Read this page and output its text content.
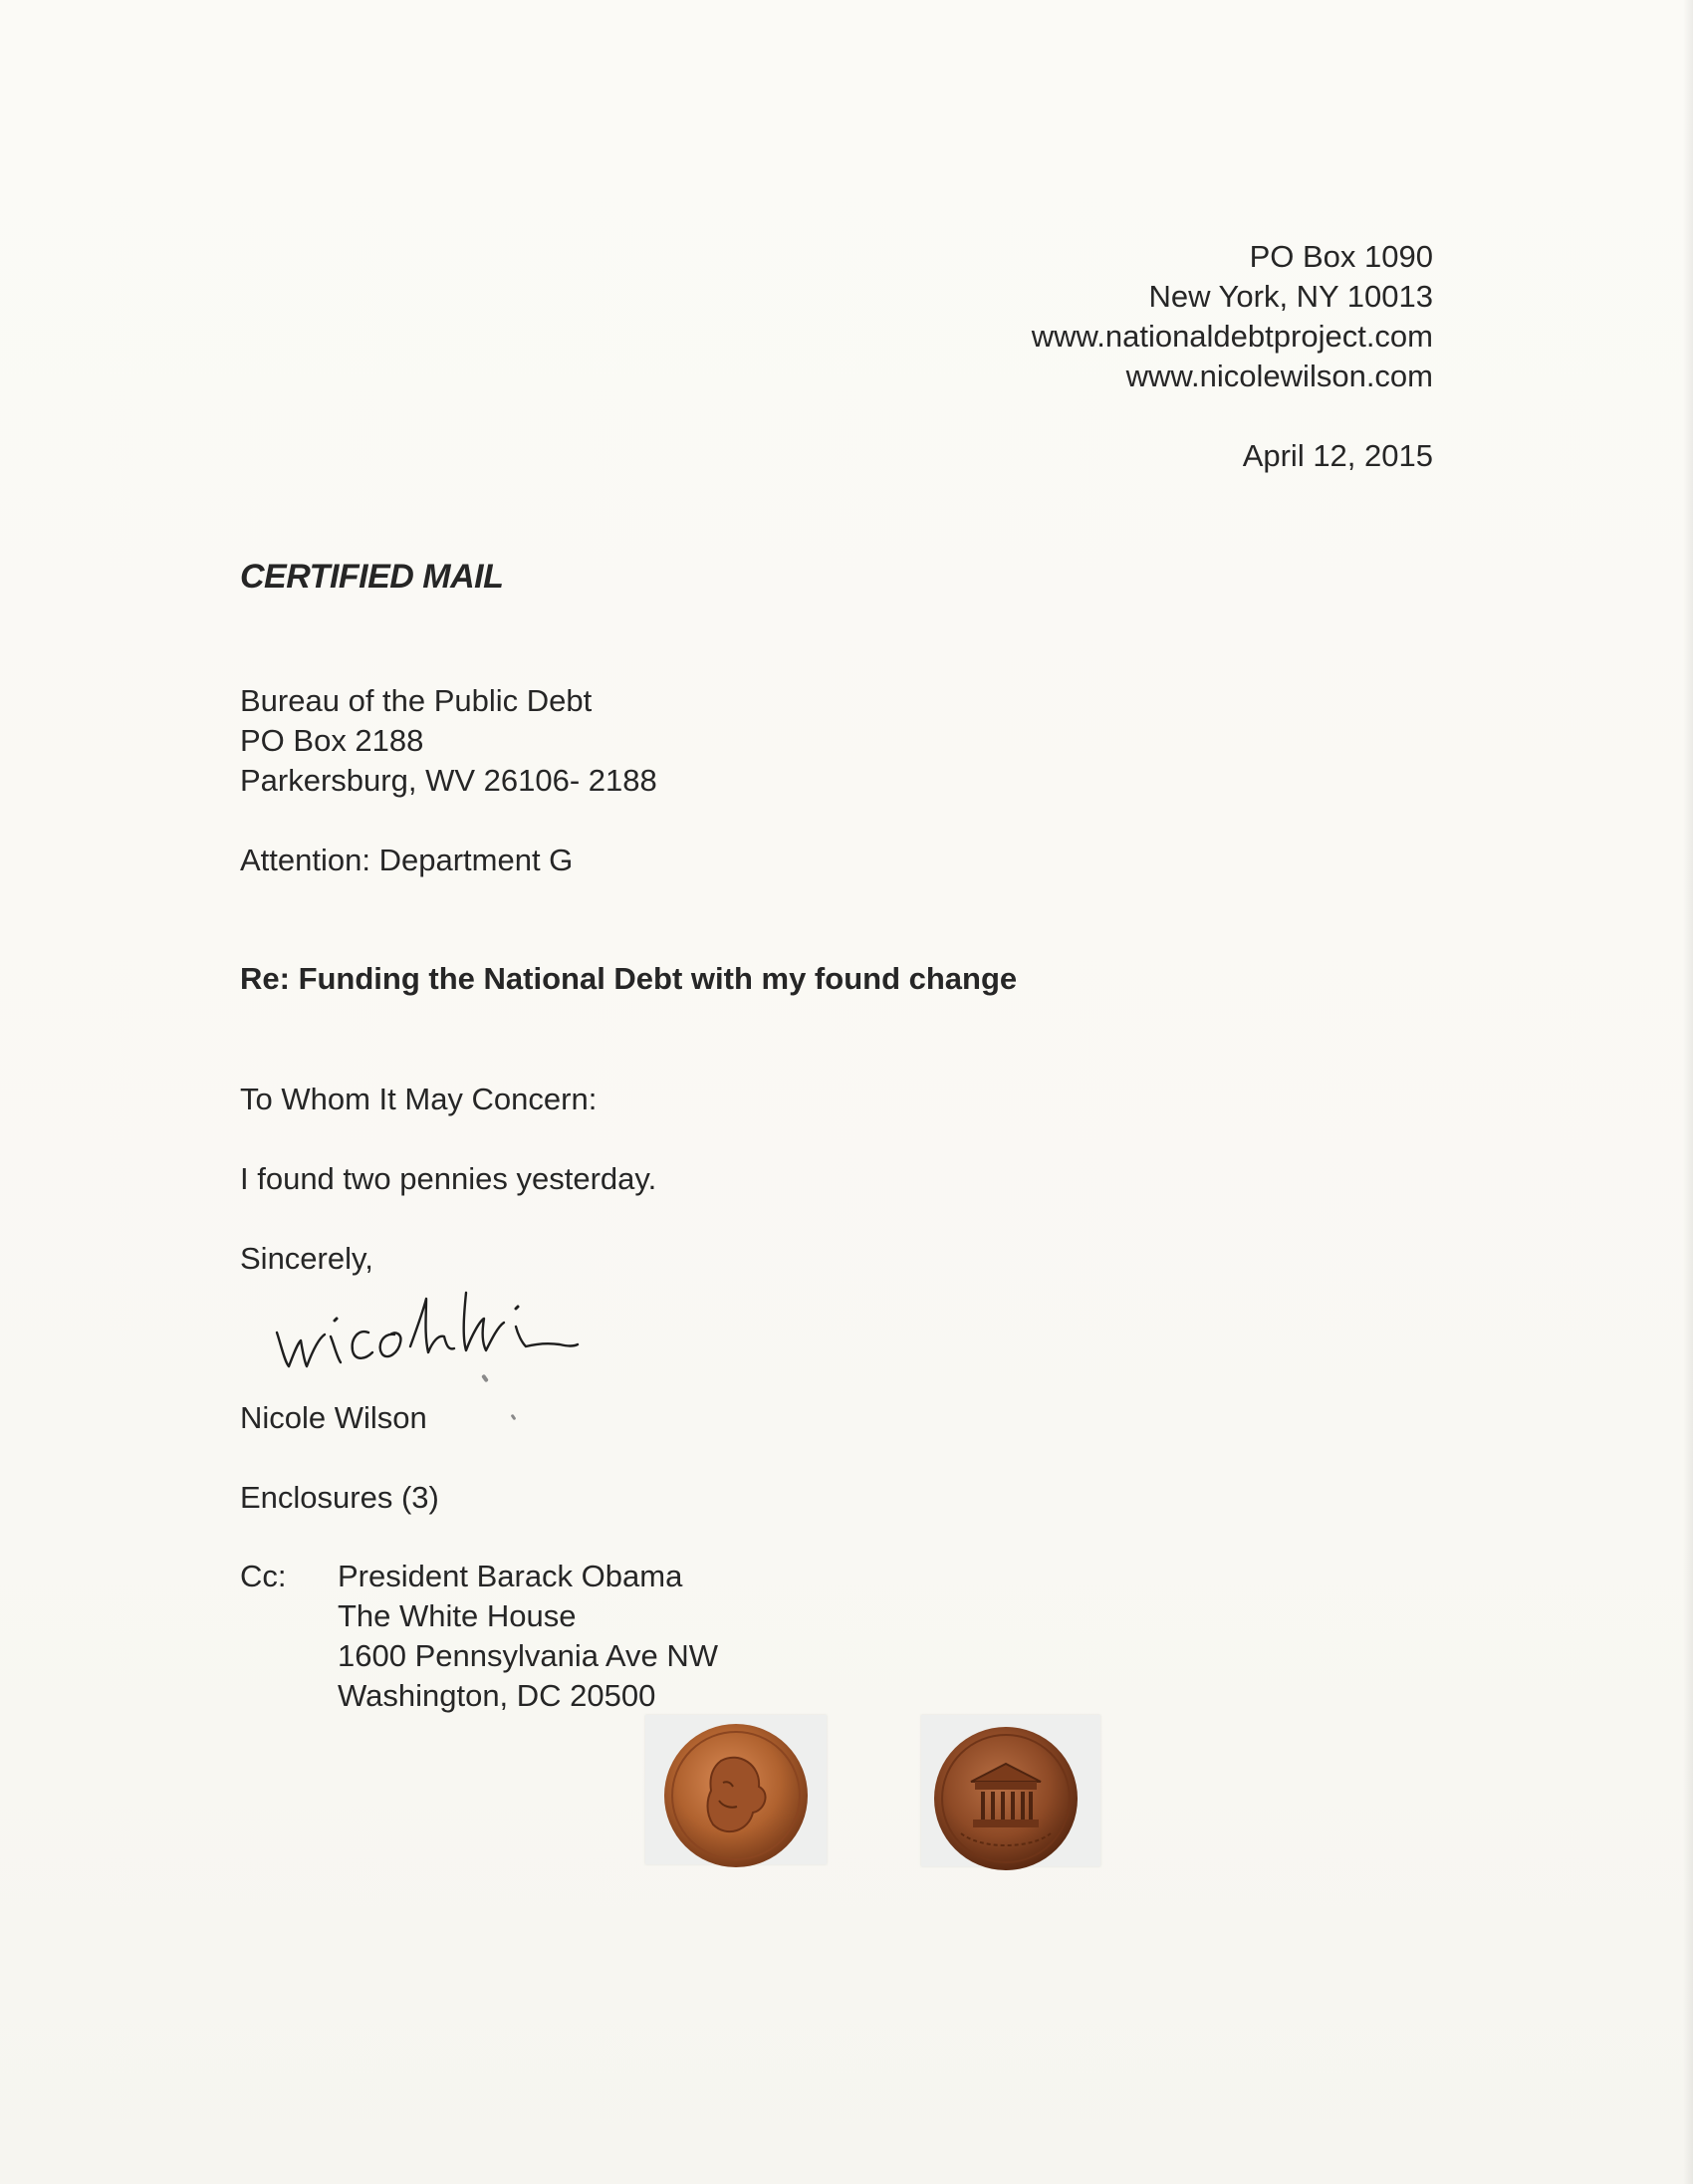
PO Box 1090
New York, NY 10013
www.nationaldebtproject.com
www.nicolewilson.com
April 12, 2015
CERTIFIED MAIL
Bureau of the Public Debt
PO Box 2188
Parkersburg, WV 26106- 2188
Attention: Department G
Re: Funding the National Debt with my found change
To Whom It May Concern:
I found two pennies yesterday.
Sincerely,
Nicole Wilson
Enclosures (3)
Cc:	President Barack Obama
The White House
1600 Pennsylvania Ave NW
Washington, DC 20500
